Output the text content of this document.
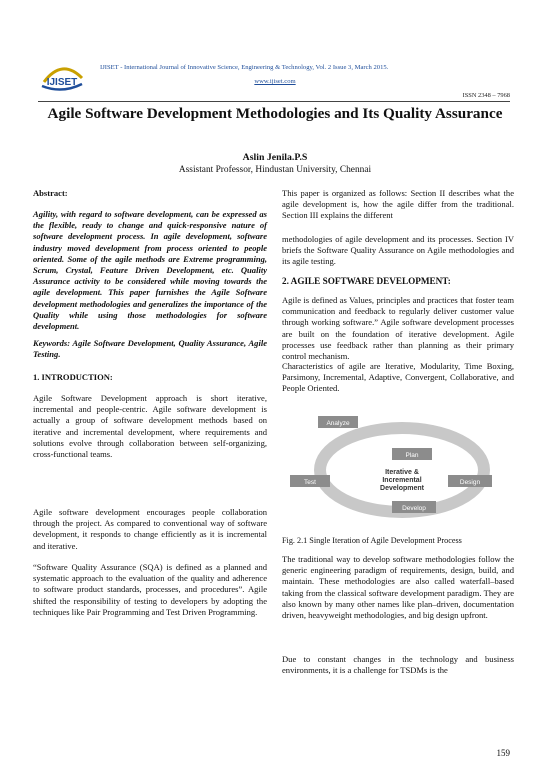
IJISET
IJISET - International Journal of Innovative Science, Engineering & Technology, Vol. 2 Issue 3, March 2015.
www.ijiset.com
ISSN 2348 – 7968
Agile Software Development Methodologies and Its Quality Assurance
Aslin Jenila.P.S
Assistant Professor, Hindustan University, Chennai
Abstract:

Agility, with regard to software development, can be expressed as the flexible, ready to change and quick-responsive nature of software development process. In agile development, software industry moved development from process oriented to people oriented. Some of the agile methods are Extreme programming, Scrum, Crystal, Feature Driven Development, etc. Quality Assurance activity to be considered while moving towards the agile development. This paper furnishes the Agile Software development methodologies and generalizes the importance of the Quality while using those methodologies for software development.

Keywords: Agile Software Development, Quality Assurance, Agile Testing.

1. INTRODUCTION:

Agile Software Development approach is short iterative, incremental and people-centric. Agile software development is actually a group of software development methods based on iterative and incremental development, where requirements and solutions evolve through collaboration between self-organizing, cross-functional teams.

Agile software development encourages people collaboration through the project. As compared to conventional way of software development, it responds to change efficiently as it is incremental and iterative.

“Software Quality Assurance (SQA) is defined as a planned and systematic approach to the evaluation of the quality and adherence to software product standards, processes, and procedures”. Agile shifted the responsibility of testing to developers by adopting the techniques like Pair Programming and Test Driven Programming.

This paper is organized as follows: Section II describes what the agile development is, how the agile differ from the traditional. Section III explains the different

methodologies of agile development and its processes. Section IV briefs the Software Quality Assurance on Agile methodologies and its agile testing.

2. AGILE SOFTWARE DEVELOPMENT:

Agile is defined as Values, principles and practices that foster team communication and feedback to regularly deliver customer value through working software.” Agile software development processes are built on the foundation of iterative development. Agile processes use feedback rather than planning as their primary control mechanism.

Characteristics of agile are Iterative, Modularity, Time Boxing, Parsimony, Incremental, Adaptive, Convergent, Collaborative, and People Oriented.

Analyze
Plan
Design
Develop
Test
Iterative &
Incremental
Development
Fig. 2.1 Single Iteration of Agile Development Process

The traditional way to develop software methodologies follow the generic engineering paradigm of requirements, design, build, and maintain. These methodologies are also called waterfall–based taking from the classical software development paradigm. They are also known by many other names like plan–driven, documentation driven, heavyweight methodologies, and big design upfront.

Due to constant changes in the technology and business environments, it is a challenge for TSDMs is the

159
